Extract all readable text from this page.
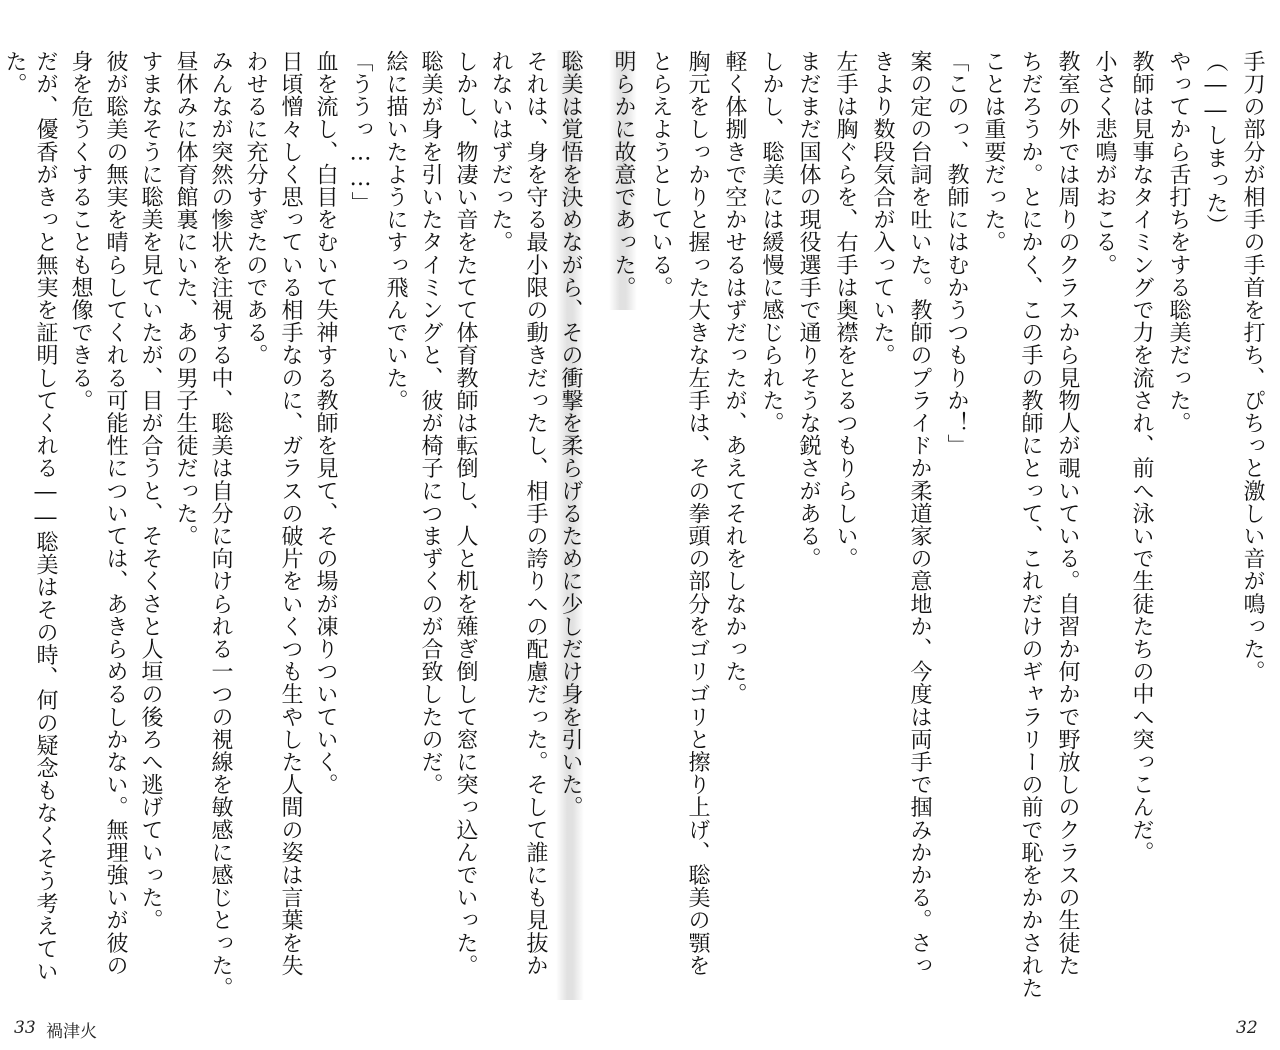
手刀の部分が相手の手首を打ち、ぴちっと激しい音が鳴った。
（――しまった）
やってから舌打ちをする聡美だった。
教師は見事なタイミングで力を流され、前へ泳いで生徒たちの中へ突っこんだ。
小さく悲鳴がおこる。
教室の外では周りのクラスから見物人が覗いている。自習か何かで野放しのクラスの生徒た
ちだろうか。とにかく、この手の教師にとって、これだけのギャラリーの前で恥をかかされた
ことは重要だった。
「このっ、教師にはむかうつもりか！」
案の定の台詞を吐いた。教師のプライドか柔道家の意地か、今度は両手で掴みかかる。さっ
きより数段気合が入っていた。
左手は胸ぐらを、右手は奥襟をとるつもりらしい。
まだまだ国体の現役選手で通りそうな鋭さがある。
しかし、聡美には緩慢に感じられた。
軽く体捌きで空かせるはずだったが、あえてそれをしなかった。
胸元をしっかりと握った大きな左手は、その拳頭の部分をゴリゴリと擦り上げ、聡美の顎を
とらえようとしている。
明らかに故意であった。
聡美は覚悟を決めながら、その衝撃を柔らげるために少しだけ身を引いた。
それは、身を守る最小限の動きだったし、相手の誇りへの配慮だった。そして誰にも見抜か
れないはずだった。
しかし、物凄い音をたてて体育教師は転倒し、人と机を薙ぎ倒して窓に突っ込んでいった。
聡美が身を引いたタイミングと、彼が椅子につまずくのが合致したのだ。
絵に描いたようにすっ飛んでいた。
「ううっ……」
血を流し、白目をむいて失神する教師を見て、その場が凍りついていく。
日頃憎々しく思っている相手なのに、ガラスの破片をいくつも生やした人間の姿は言葉を失
わせるに充分すぎたのである。
みんなが突然の惨状を注視する中、聡美は自分に向けられる一つの視線を敏感に感じとった。
昼休みに体育館裏にいた、あの男子生徒だった。
すまなそうに聡美を見ていたが、目が合うと、そそくさと人垣の後ろへ逃げていった。
彼が聡美の無実を晴らしてくれる可能性については、あきらめるしかない。無理強いが彼の
身を危うくすることも想像できる。
だが、優香がきっと無実を証明してくれる――聡美はその時、何の疑念もなくそう考えてい
た。
33 禍津火	32
